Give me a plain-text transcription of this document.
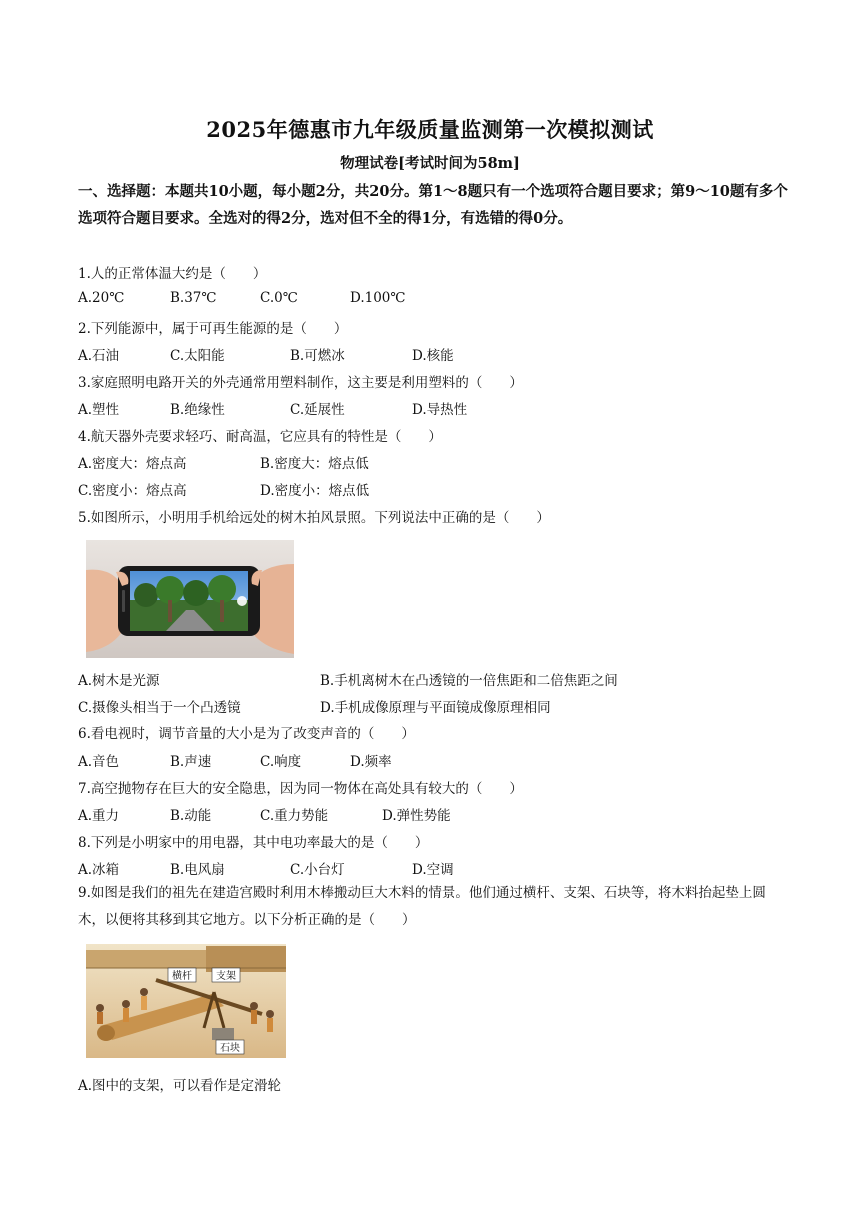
2025年德惠市九年级质量监测第一次模拟测试
物理试卷[考试时间为58m]
一、选择题：本题共10小题，每小题2分，共20分。第1～8题只有一个选项符合题目要求；第9～10题有多个选项符合题目要求。全选对的得2分，选对但不全的得1分，有选错的得0分。
1.人的正常体温大约是（　　）
A.20℃	B.37℃	C.0℃	D.100℃
2.下列能源中，属于可再生能源的是（　　）
A.石油	C.太阳能	B.可燃冰	D.核能
3.家庭照明电路开关的外壳通常用塑料制作，这主要是利用塑料的（　　）
A.塑性	B.绝缘性	C.延展性	D.导热性
4.航天器外壳要求轻巧、耐高温，它应具有的特性是（　　）
A.密度大：熔点高	B.密度大：熔点低
C.密度小：熔点高	D.密度小：熔点低
5.如图所示，小明用手机给远处的树木拍风景照。下列说法中正确的是（　　）
A.树木是光源	B.手机离树木在凸透镜的一倍焦距和二倍焦距之间
C.摄像头相当于一个凸透镜	D.手机成像原理与平面镜成像原理相同
6.看电视时，调节音量的大小是为了改变声音的（　　）
A.音色	B.声速	C.响度	D.频率
7.高空抛物存在巨大的安全隐患，因为同一物体在高处具有较大的（　　）
A.重力	B.动能	C.重力势能	D.弹性势能
8.下列是小明家中的用电器，其中电功率最大的是（　　）
A.冰箱	B.电风扇	C.小台灯	D.空调
9.如图是我们的祖先在建造宫殿时利用木棒搬动巨大木料的情景。他们通过横杆、支架、石块等，将木料抬起垫上圆木，以便将其移到其它地方。以下分析正确的是（　　）
横杆 支架
石块
A.图中的支架，可以看作是定滑轮
